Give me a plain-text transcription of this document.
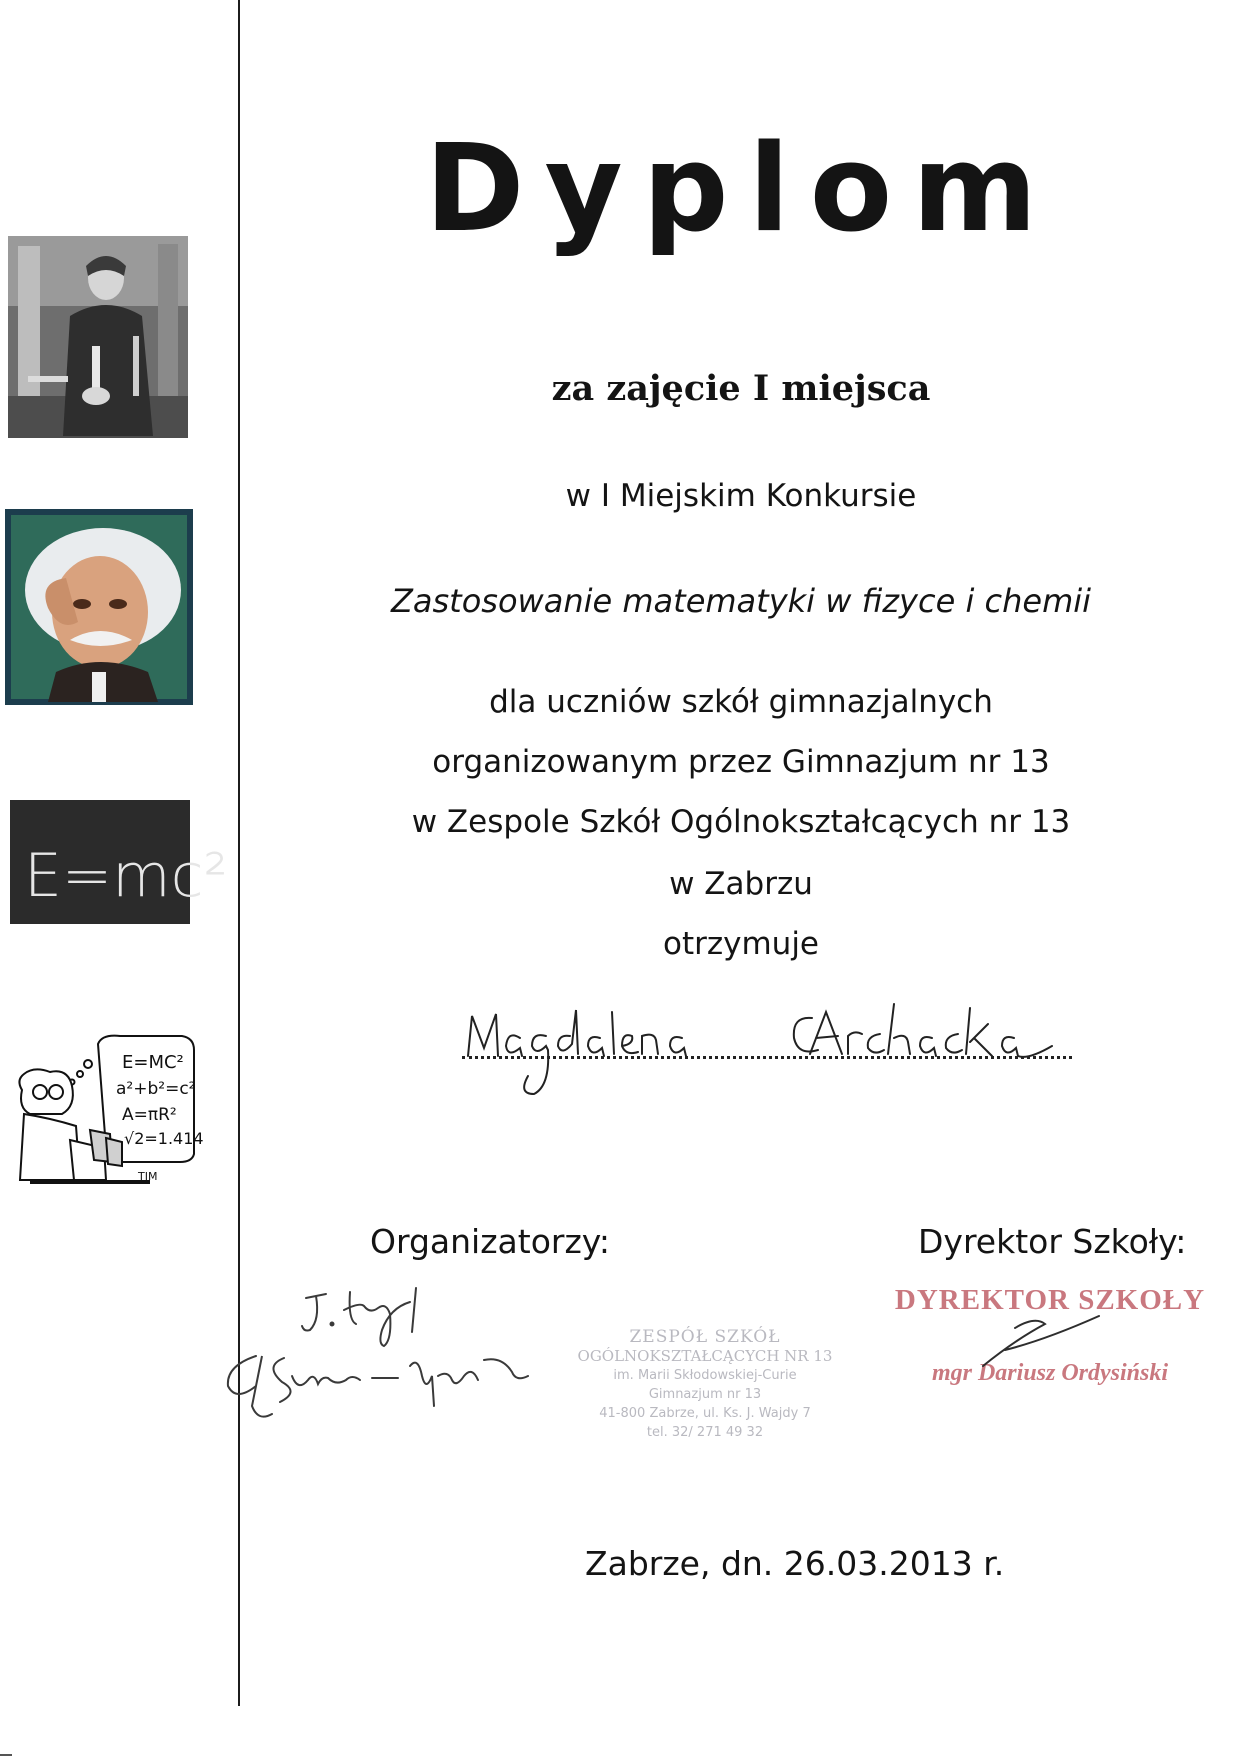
E=mc²
E=MC²
a²+b²=c²
A=πR²
√2=1.414
TIM
Dyplom
za zajęcie I miejsca
w I Miejskim Konkursie
Zastosowanie matematyki w fizyce i chemii
dla uczniów szkół gimnazjalnych
organizowanym przez Gimnazjum nr 13
w Zespole Szkół Ogólnokształcących nr 13
w Zabrzu
otrzymuje
Organizatorzy:	Dyrektor Szkoły:
ZESPÓŁ SZKÓŁ
OGÓLNOKSZTAŁCĄCYCH NR 13
im. Marii Skłodowskiej-Curie
Gimnazjum nr 13
41-800 Zabrze, ul. Ks. J. Wajdy 7
tel. 32/ 271 49 32
DYREKTOR SZKOŁY
mgr Dariusz Ordysiński
Zabrze, dn. 26.03.2013 r.
